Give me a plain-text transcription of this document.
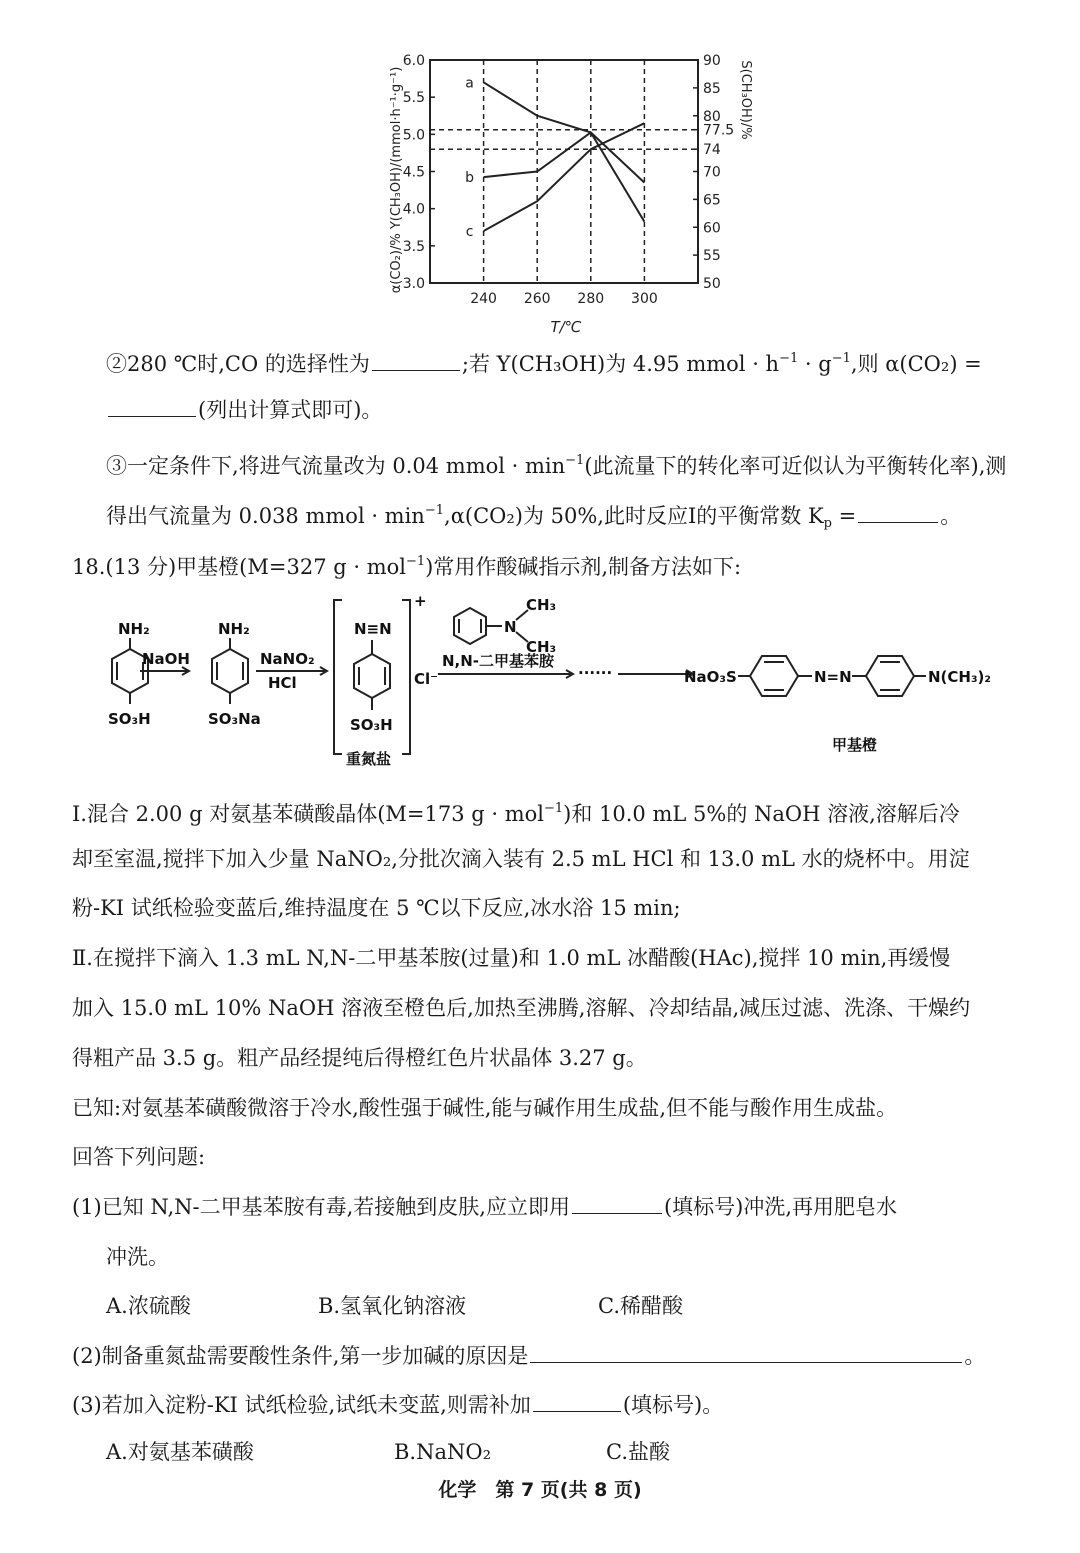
3.0
3.5
4.0
4.5
5.0
5.5
6.0
50
55
60
65
70
74
77.5
80
85
90
240 260 280 300
a
b
c
T/℃
α(CO₂)/% Y(CH₃OH)/(mmol·h⁻¹·g⁻¹)	S(CH₃OH)/%
②280 ℃时,CO 的选择性为	;若 Y(CH₃OH)为 4.95 mmol · $h^{-1} \cdot g^{-1}$,则 α(CO₂) =
(列出计算式即可)。
③一定条件下,将进气流量改为 0.04 mmol · $\min^{-1}$(此流量下的转化率可近似认为平衡转化率),测
得出气流量为 0.038 mmol · $\min^{-1},\alpha(CO_2)$为 50%,此时反应Ⅰ的平衡常数 $K_p$ =	。
18.(13 分)甲基橙(M=327 g · mol$^{-1}$)常用作酸碱指示剂,制备方法如下:
NH₂
SO₃H
NaOH
NH₂
SO₃Na
NaNO₂
HCl
N≡N
+
Cl⁻
SO₃H
重氮盐
N
CH₃
CH₃
N,N-二甲基苯胺
······	NaO₃S	N=N	N(CH₃)₂
甲基橙
Ⅰ.混合 2.00 g 对氨基苯磺酸晶体(M=173 g · mol$^{-1}$)和 10.0 mL 5%的 NaOH 溶液,溶解后冷
却至室温,搅拌下加入少量 NaNO₂,分批次滴入装有 2.5 mL HCl 和 13.0 mL 水的烧杯中。用淀
粉-KI 试纸检验变蓝后,维持温度在 5 ℃以下反应,冰水浴 15 min;
Ⅱ.在搅拌下滴入 1.3 mL N,N-二甲基苯胺(过量)和 1.0 mL 冰醋酸(HAc),搅拌 10 min,再缓慢
加入 15.0 mL 10% NaOH 溶液至橙色后,加热至沸腾,溶解、冷却结晶,减压过滤、洗涤、干燥约
得粗产品 3.5 g。粗产品经提纯后得橙红色片状晶体 3.27 g。
已知:对氨基苯磺酸微溶于冷水,酸性强于碱性,能与碱作用生成盐,但不能与酸作用生成盐。
回答下列问题:
(1)已知 N,N-二甲基苯胺有毒,若接触到皮肤,应立即用	(填标号)冲洗,再用肥皂水
冲洗。
A.浓硫酸	B.氢氧化钠溶液	C.稀醋酸
(2)制备重氮盐需要酸性条件,第一步加碱的原因是	。
(3)若加入淀粉-KI 试纸检验,试纸未变蓝,则需补加	(填标号)。
A.对氨基苯磺酸	B.NaNO₂	C.盐酸
化学　第 7 页(共 8 页)
